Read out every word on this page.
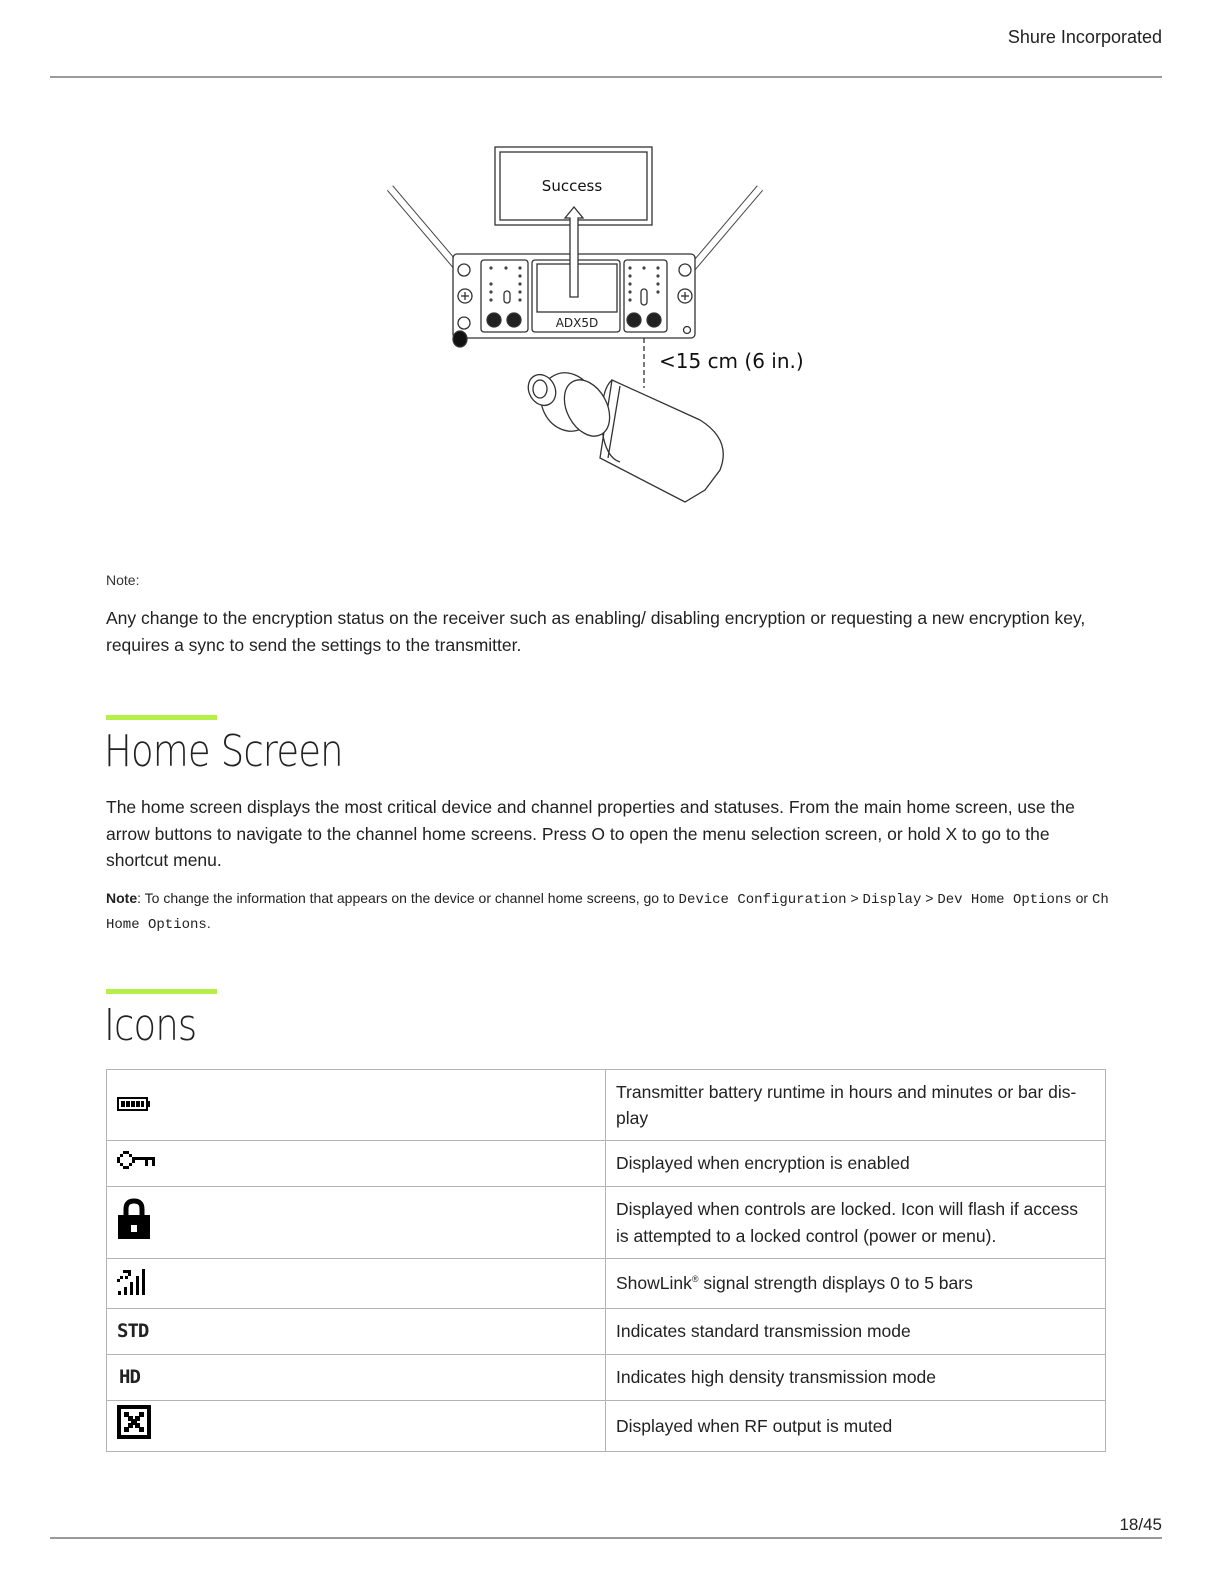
Shure Incorporated
Success
ADX5D
<15 cm (6 in.)
Note:
Any change to the encryption status on the receiver such as enabling/ disabling encryption or requesting a new encryption key, requires a sync to send the settings to the transmitter.
Home Screen

The home screen displays the most critical device and channel properties and statuses. From the main home screen, use the arrow buttons to navigate to the channel home screens. Press O to open the menu selection screen, or hold X to go to the shortcut menu.

Note: To change the information that appears on the device or channel home screens, go to Device Configuration > Display > Dev Home Options or Ch Home Options.

Icons
	Transmitter battery runtime in hours and minutes or bar dis-play
	Displayed when encryption is enabled
	Displayed when controls are locked. Icon will flash if access is attempted to a locked control (power or menu).
	ShowLink® signal strength displays 0 to 5 bars
STD	Indicates standard transmission mode
HD	Indicates high density transmission mode
	Displayed when RF output is muted
18/45
